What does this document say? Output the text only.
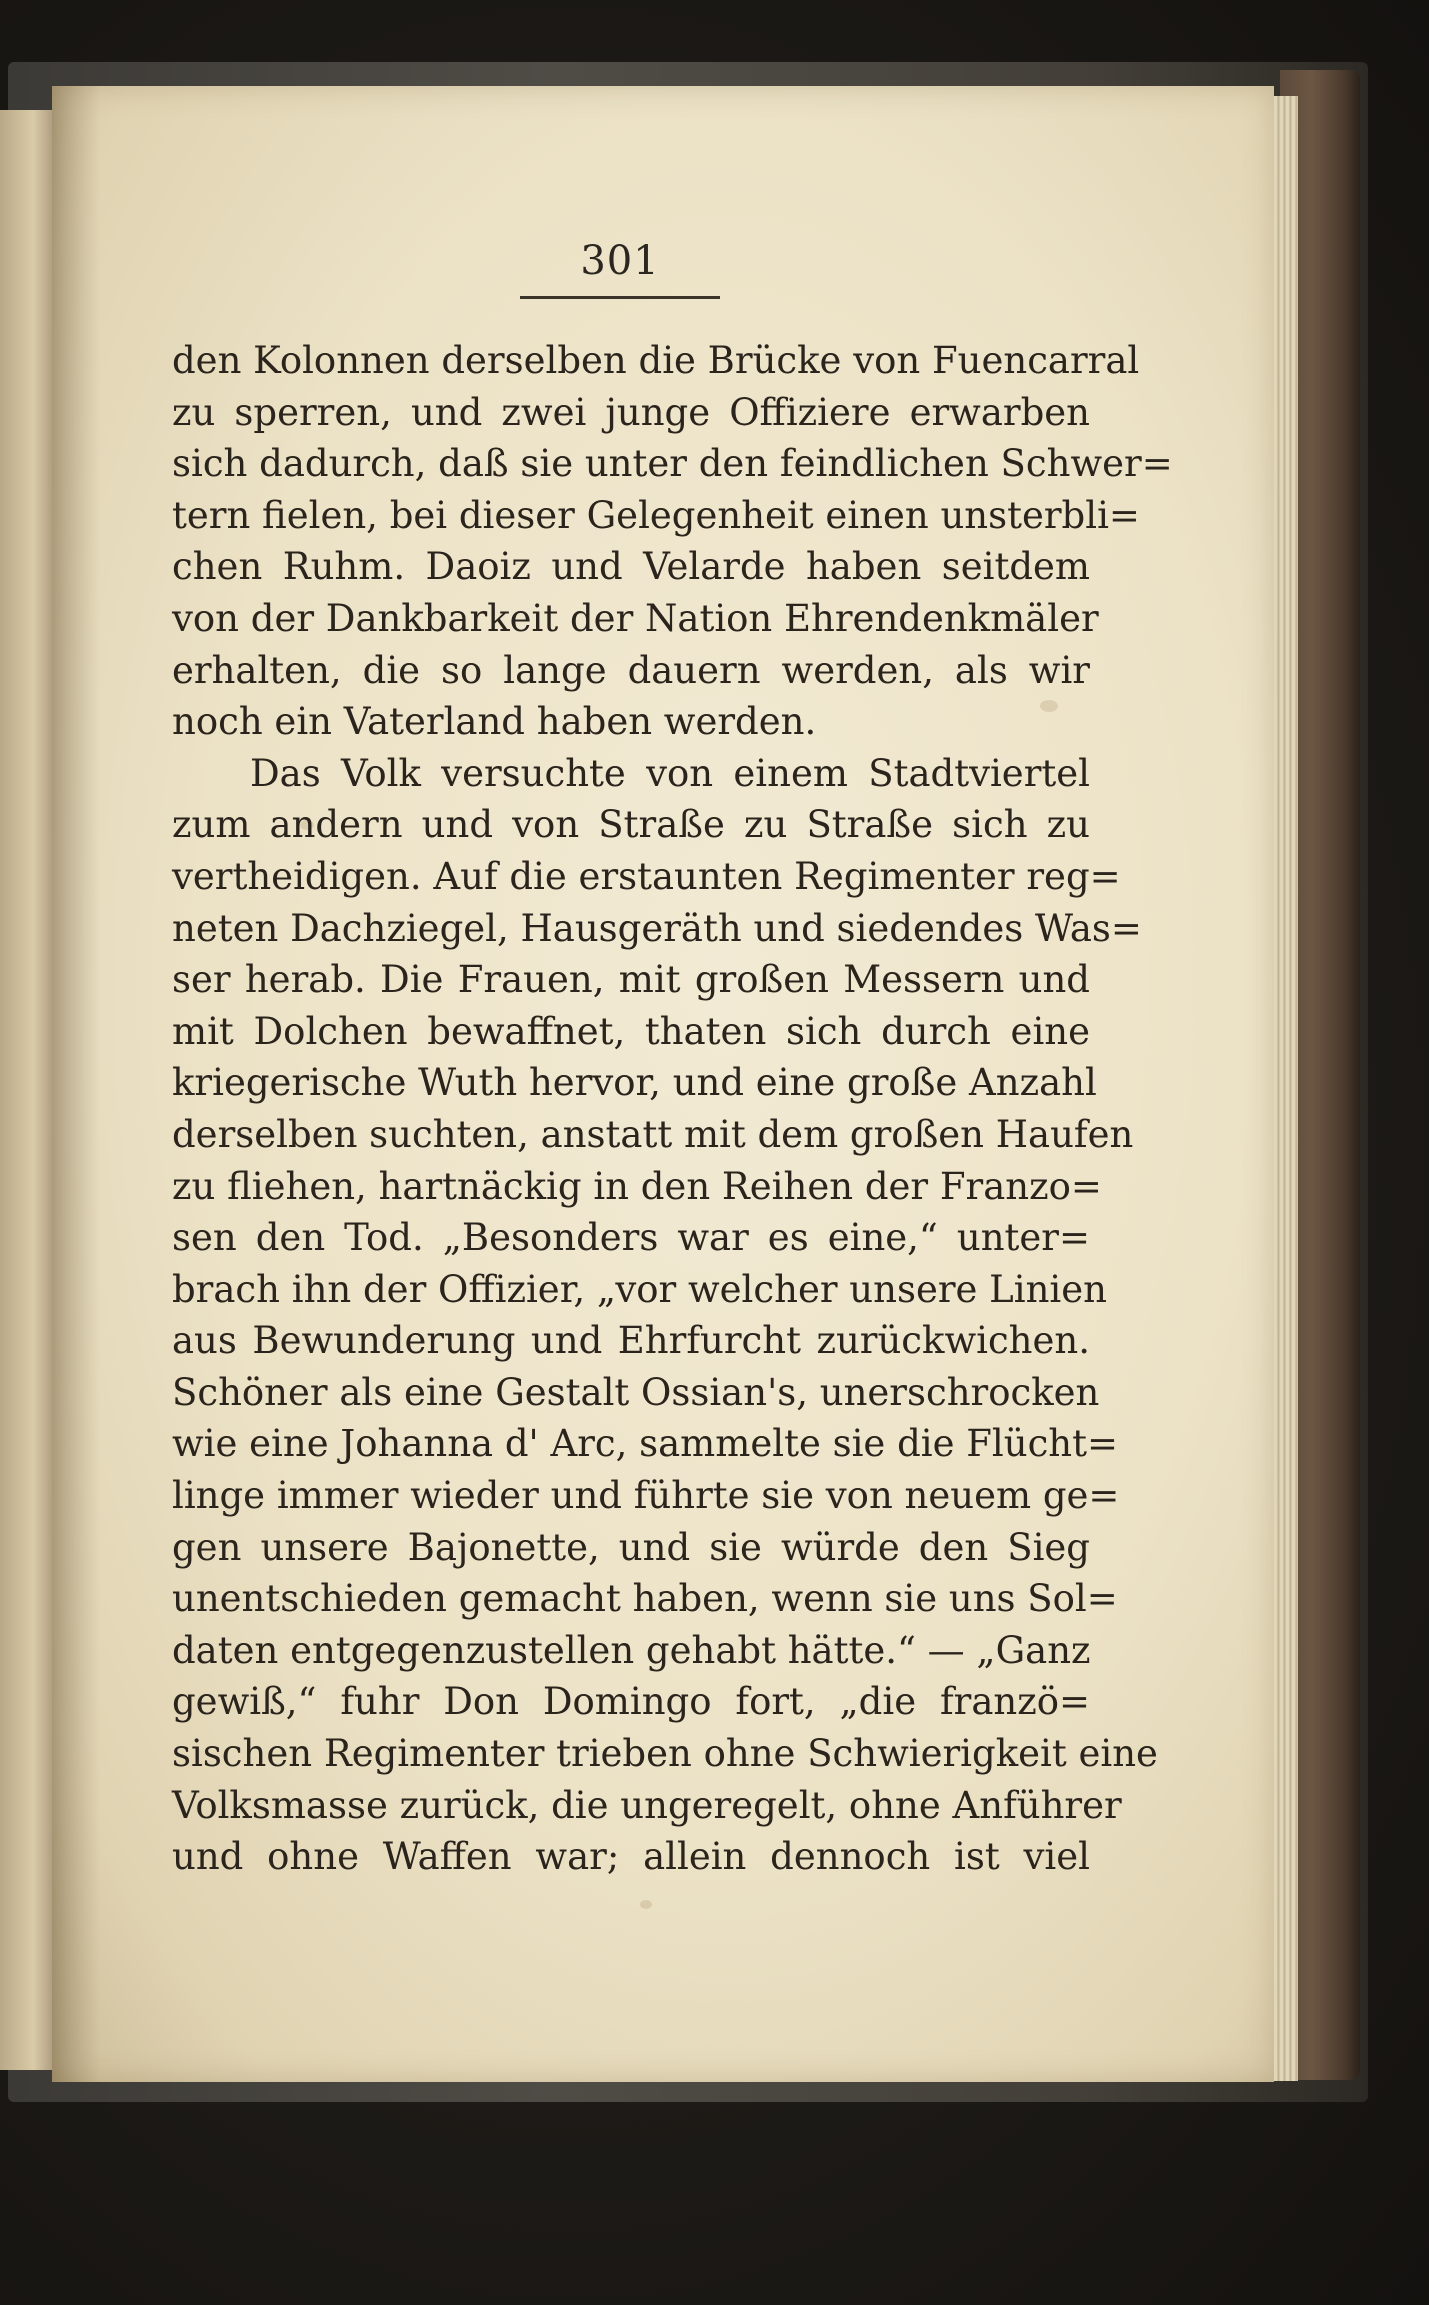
301
den Kolonnen derselben die Brücke von Fuencarral
zu sperren, und zwei junge Offiziere erwarben
sich dadurch, daß sie unter den feindlichen Schwer=
tern fielen, bei dieser Gelegenheit einen unsterbli=
chen Ruhm. Daoiz und Velarde haben seitdem
von der Dankbarkeit der Nation Ehrendenkmäler
erhalten, die so lange dauern werden, als wir
noch ein Vaterland haben werden.
Das Volk versuchte von einem Stadtviertel
zum andern und von Straße zu Straße sich zu
vertheidigen. Auf die erstaunten Regimenter reg=
neten Dachziegel, Hausgeräth und siedendes Was=
ser herab. Die Frauen, mit großen Messern und
mit Dolchen bewaffnet, thaten sich durch eine
kriegerische Wuth hervor, und eine große Anzahl
derselben suchten, anstatt mit dem großen Haufen
zu fliehen, hartnäckig in den Reihen der Franzo=
sen den Tod. „Besonders war es eine,“ unter=
brach ihn der Offizier, „vor welcher unsere Linien
aus Bewunderung und Ehrfurcht zurückwichen.
Schöner als eine Gestalt Ossian's, unerschrocken
wie eine Johanna d' Arc, sammelte sie die Flücht=
linge immer wieder und führte sie von neuem ge=
gen unsere Bajonette, und sie würde den Sieg
unentschieden gemacht haben, wenn sie uns Sol=
daten entgegenzustellen gehabt hätte.“ — „Ganz
gewiß,“ fuhr Don Domingo fort, „die franzö=
sischen Regimenter trieben ohne Schwierigkeit eine
Volksmasse zurück, die ungeregelt, ohne Anführer
und ohne Waffen war; allein dennoch ist viel
